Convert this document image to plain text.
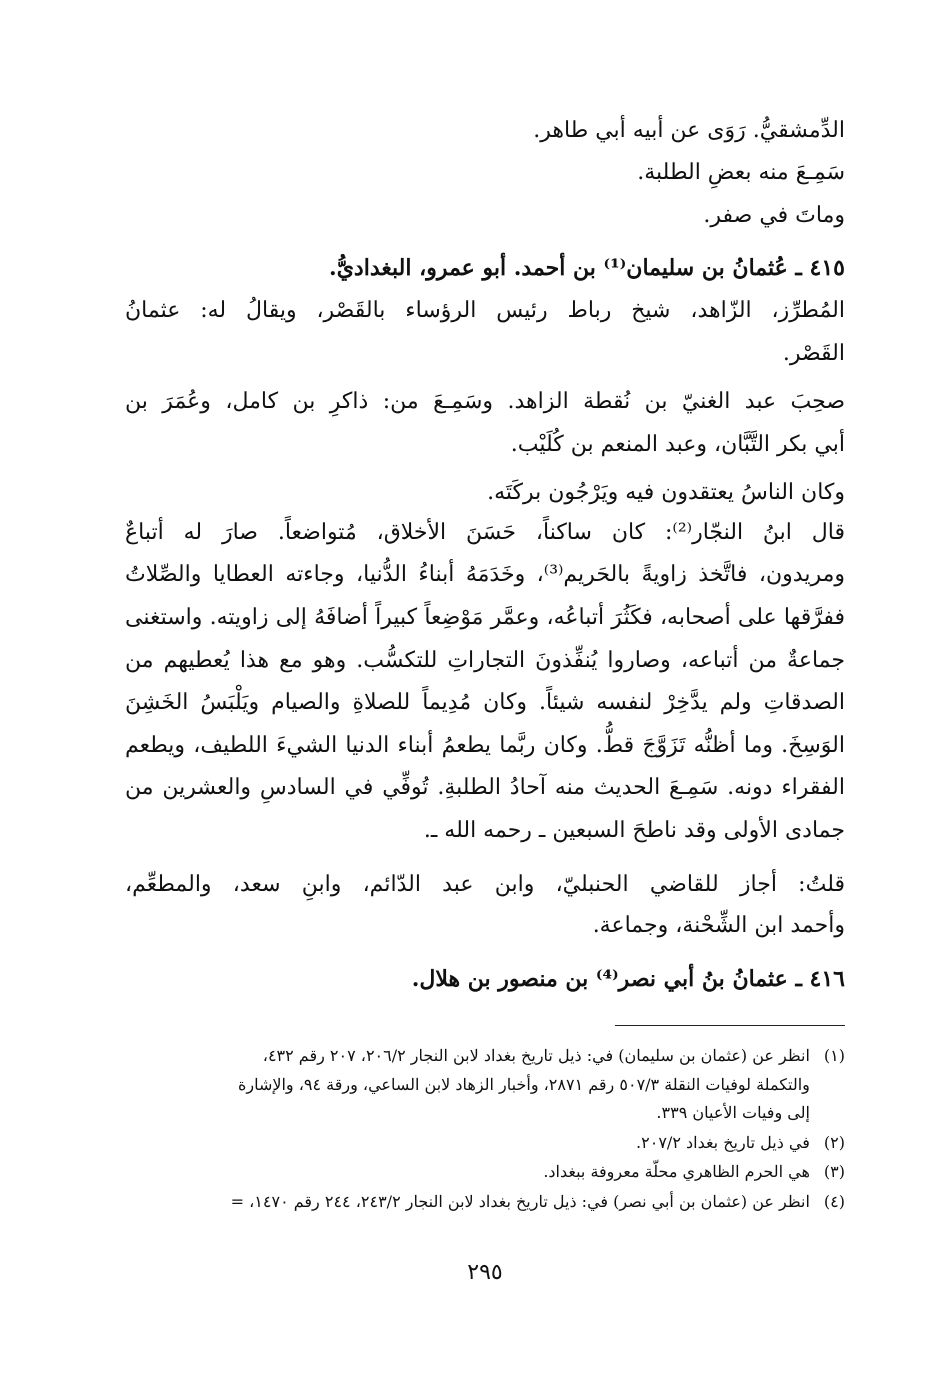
الدِّمشقيُّ. رَوَى عن أبيه أبي طاهر.
سَمِـعَ منه بعضِ الطلبة.
وماتَ في صفر.
٤١٥ ـ عُثمانُ بن سليمان⁽¹⁾ بن أحمد. أبو عمرو، البغداديُّ.
المُطرِّز، الزّاهد، شيخ رباط رئيس الرؤساء بالقَصْر، ويقالُ له: عثمانُ
القَصْر.
صحِبَ عبد الغنيّ بن نُقطة الزاهد. وسَمِـعَ من: ذاكرِ بن كامل، وعُمَرَ بن
أبي بكر التَّبَّان، وعبد المنعم بن كُلَيْب.
وكان الناسُ يعتقدون فيه ويَرْجُون بركَتَه.
قال ابنُ النجّار⁽²⁾: كان ساكناً، حَسَنَ الأخلاق، مُتواضعاً. صارَ له أتباعٌ
ومريدون، فاتَّخذ زاويةً بالحَريم⁽³⁾، وخَدَمَهُ أبناءُ الدُّنيا، وجاءته العطايا والصِّلاتُ
ففرَّقها على أصحابه، فكَثُرَ أتباعُه، وعمَّر مَوْضِعاً كبيراً أضافَهُ إلى زاويته. واستغنى
جماعةٌ من أتباعه، وصاروا يُنفِّذونَ التجاراتِ للتكسُّب. وهو مع هذا يُعطيهم من
الصدقاتِ ولم يدَّخِرْ لنفسه شيئاً. وكان مُدِيماً للصلاةِ والصيام ويَلْبَسُ الخَشِنَ
الوَسِخَ. وما أظنُّه تَزَوَّجَ قطُّ. وكان ربَّما يطعمُ أبناء الدنيا الشيءَ اللطيف، ويطعم
الفقراء دونه. سَمِـعَ الحديث منه آحادُ الطلبةِ. تُوفِّي في السادسِ والعشرين من
جمادى الأولى وقد ناطحَ السبعين ـ رحمه الله ـ.
قلتُ: أجاز للقاضي الحنبليّ، وابن عبد الدّائم، وابنِ سعد، والمطعِّم،
وأحمد ابن الشِّحْنة، وجماعة.
٤١٦ ـ عثمانُ بنُ أبي نصر⁽⁴⁾ بن منصور بن هلال.
(١) انظر عن (عثمان بن سليمان) في: ذيل تاريخ بغداد لابن النجار ٢٠٦/٢، ٢٠٧ رقم ٤٣٢،
والتكملة لوفيات النقلة ٥٠٧/٣ رقم ٢٨٧١، وأخبار الزهاد لابن الساعي، ورقة ٩٤، والإشارة
إلى وفيات الأعيان ٣٣٩.
(٢) في ذيل تاريخ بغداد ٢٠٧/٢.
(٣) هي الحرم الظاهري محلّة معروفة ببغداد.
(٤) انظر عن (عثمان بن أبي نصر) في: ذيل تاريخ بغداد لابن النجار ٢٤٣/٢، ٢٤٤ رقم ١٤٧٠، =
٢٩٥
